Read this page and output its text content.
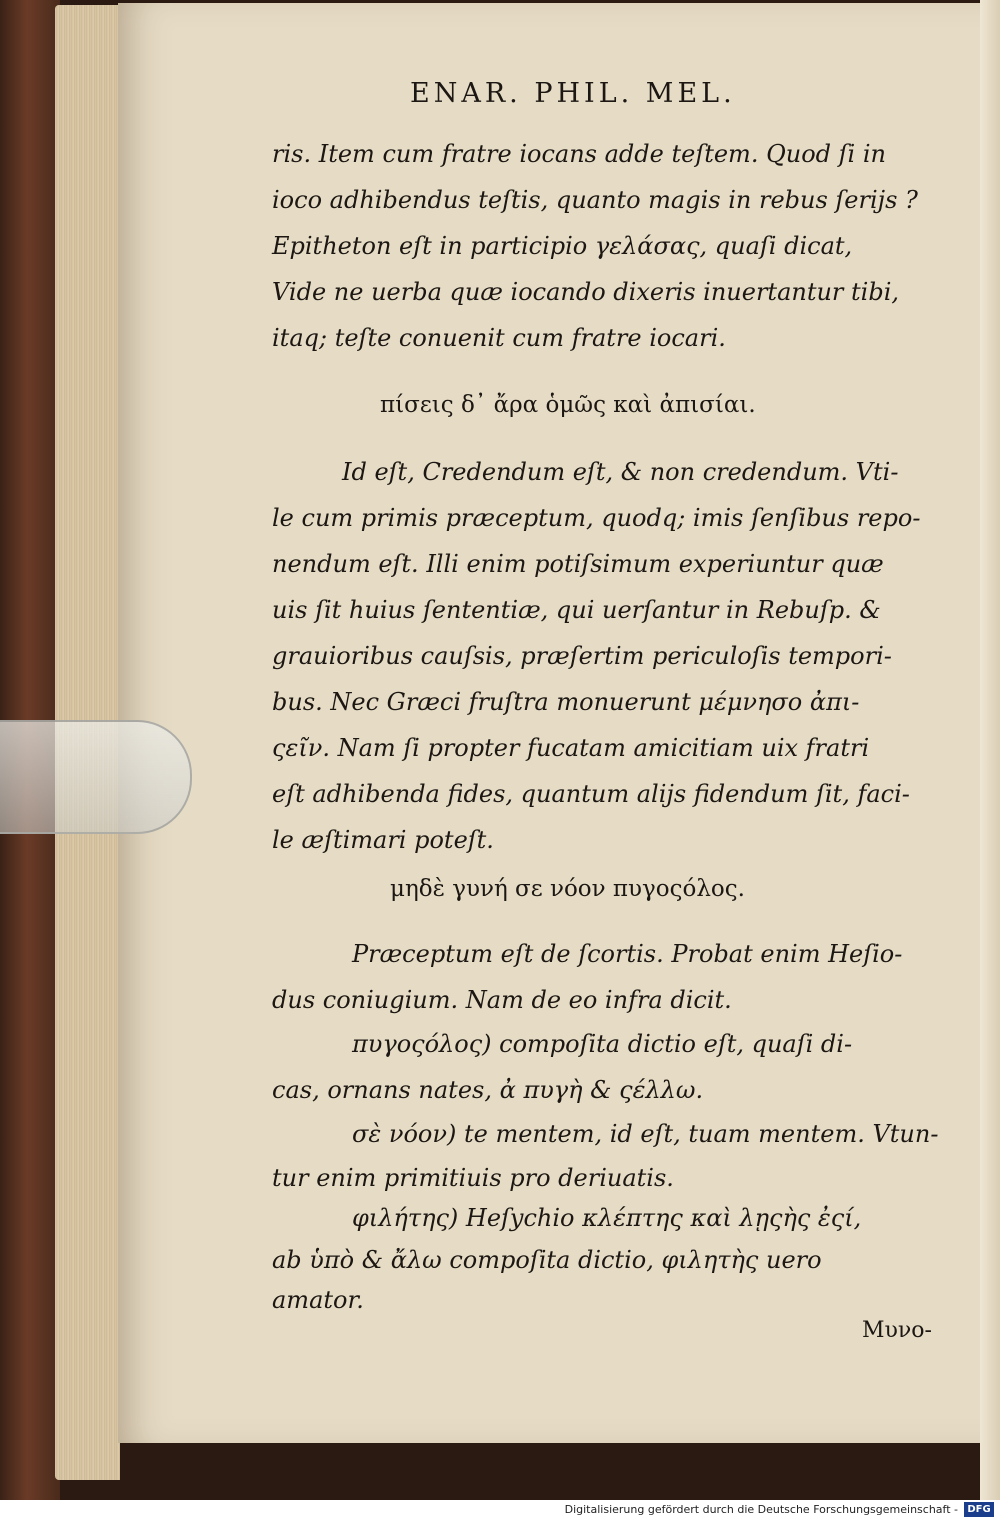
ENAR. PHIL. MEL.
ris. Item cum fratre iocans adde teſtem. Quod ſi in
ioco adhibendus teſtis, quanto magis in rebus ſerijs ?
Epitheton eſt in participio γελάσας, quaſi dicat,
Vide ne uerba quæ iocando dixeris inuertantur tibi,
itaq; teſte conuenit cum fratre iocari.
πίσεις δ᾽ ἄρα ὁμῶς καὶ ἀπισίαι.
Id eſt, Credendum eſt, & non credendum. Vti-
le cum primis præceptum, quodq; imis ſenſibus repo-
nendum eſt. Illi enim potiſsimum experiuntur quæ
uis ſit huius ſententiæ, qui uerſantur in Rebuſp. &
grauioribus cauſsis, præſertim periculoſis tempori-
bus. Nec Græci fruſtra monuerunt μέμνησο ἀπι-
ςεῖν. Nam ſi propter fucatam amicitiam uix fratri
eſt adhibenda fides, quantum alijs fidendum ſit, faci-
le æſtimari poteſt.
μηδὲ γυνή σε νόον πυγοςόλος.
Præceptum eſt de ſcortis. Probat enim Heſio-
dus coniugium. Nam de eo infra dicit.
πυγοςόλος) compoſita dictio eſt, quaſi di-
cas, ornans nates, ἀ πυγὴ & ςέλλω.
σὲ νόον) te mentem, id eſt, tuam mentem. Vtun-
tur enim primitiuis pro deriuatis.
φιλήτης) Heſychio κλέπτης καὶ λῃςὴς ἐςί,
ab ὑπὸ & ἄλω compoſita dictio, φιλητὴς uero
amator.
Μυνο-
Digitalisierung gefördert durch die Deutsche Forschungsgemeinschaft - DFG
